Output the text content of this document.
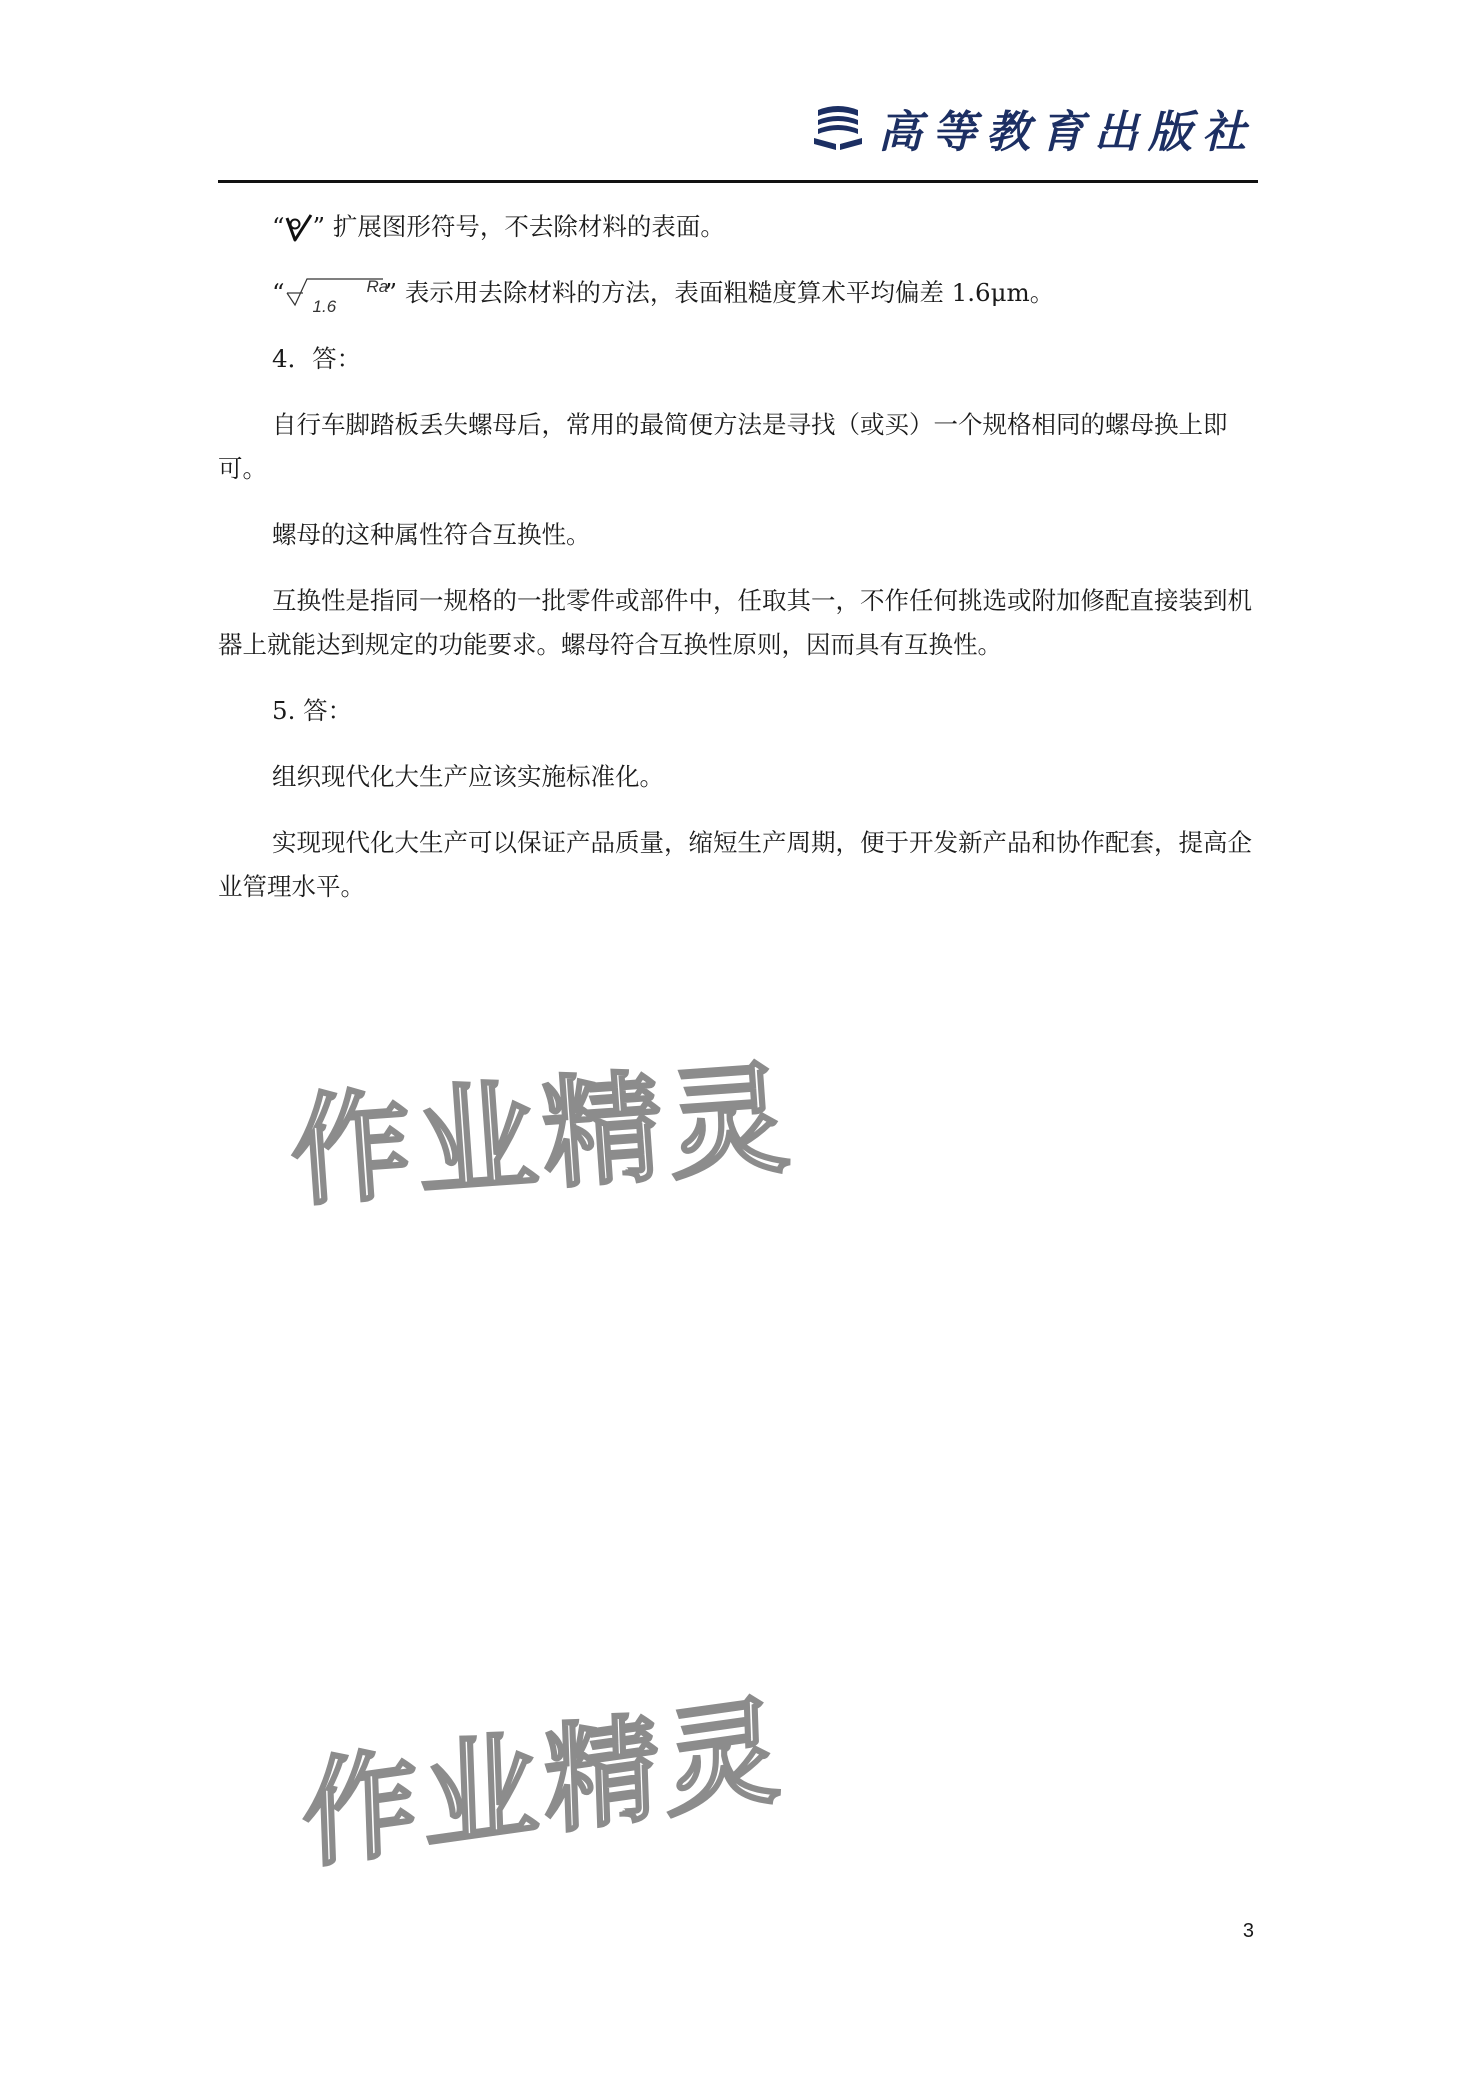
高等教育出版社

“ ” 扩展图形符号，不去除材料的表面。

“	Ra 1.6	” 表示用去除材料的方法，表面粗糙度算术平均偏差 1.6μm。

4．答：

自行车脚踏板丢失螺母后，常用的最简便方法是寻找（或买）一个规格相同的螺母换上即可。

螺母的这种属性符合互换性。

互换性是指同一规格的一批零件或部件中，任取其一，不作任何挑选或附加修配直接装到机器上就能达到规定的功能要求。螺母符合互换性原则，因而具有互换性。

5. 答：

组织现代化大生产应该实施标准化。

实现现代化大生产可以保证产品质量，缩短生产周期，便于开发新产品和协作配套，提高企业管理水平。

作业精灵
作业精灵
3
